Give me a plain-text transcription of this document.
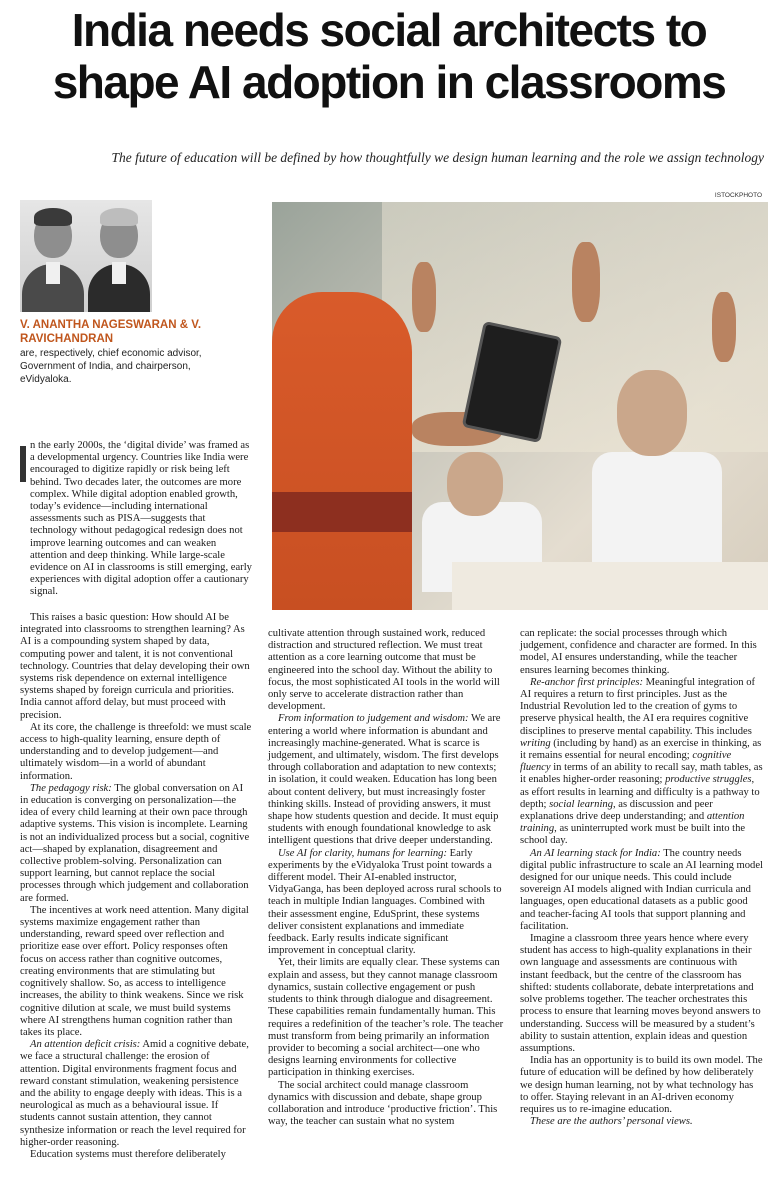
India needs social architects to shape AI adoption in classrooms
The future of education will be defined by how thoughtfully we design human learning and the role we assign technology
ISTOCKPHOTO
V. ANANTHA NAGESWARAN & V. RAVICHANDRAN
are, respectively, chief economic advisor, Government of India, and chairperson, eVidyaloka.

n the early 2000s, the ‘digital divide’ was framed as a developmental urgency. Countries like India were encouraged to digitize rapidly or risk being left behind. Two decades later, the outcomes are more complex. While digital adoption enabled growth, today’s evidence—including international assessments such as PISA—suggests that technology without pedagogical redesign does not improve learning outcomes and can weaken attention and deep thinking. While large-scale evidence on AI in classrooms is still emerging, early experiences with digital adoption offer a cautionary signal.

This raises a basic question: How should AI be integrated into classrooms to strengthen learning? As AI is a compounding system shaped by data, computing power and talent, it is not conventional technology. Countries that delay developing their own systems risk dependence on external intelligence systems shaped by foreign curricula and priorities. India cannot afford delay, but must proceed with precision.

At its core, the challenge is threefold: we must scale access to high-quality learning, ensure depth of understanding and to develop judgement—and ultimately wisdom—in a world of abundant information.

The pedagogy risk: The global conversation on AI in education is converging on personalization—the idea of every child learning at their own pace through adaptive systems. This vision is incomplete. Learning is not an individualized process but a social, cognitive act—shaped by explanation, disagreement and collective problem-solving. Personalization can support learning, but cannot replace the social processes through which judgement and collaboration are formed.

The incentives at work need attention. Many digital systems maximize engagement rather than understanding, reward speed over reflection and prioritize ease over effort. Policy responses often focus on access rather than cognitive outcomes, creating environments that are stimulating but cognitively shallow. So, as access to intelligence increases, the ability to think weakens. Since we risk cognitive dilution at scale, we must build systems where AI strengthens human cognition rather than takes its place.

An attention deficit crisis: Amid a cognitive debate, we face a structural challenge: the erosion of attention. Digital environments fragment focus and reward constant stimulation, weakening persistence and the ability to engage deeply with ideas. This is a neurological as much as a behavioural issue. If students cannot sustain attention, they cannot synthesize information or reach the level required for higher-order reasoning.

Education systems must therefore deliberately

cultivate attention through sustained work, reduced distraction and structured reflection. We must treat attention as a core learning outcome that must be engineered into the school day. Without the ability to focus, the most sophisticated AI tools in the world will only serve to accelerate distraction rather than development.

From information to judgement and wisdom: We are entering a world where information is abundant and increasingly machine-generated. What is scarce is judgement, and ultimately, wisdom. The first develops through collaboration and adaptation to new contexts; in isolation, it could weaken. Education has long been about content delivery, but must increasingly foster thinking skills. Instead of providing answers, it must shape how students question and decide. It must equip students with enough foundational knowledge to ask intelligent questions that drive deeper understanding.

Use AI for clarity, humans for learning: Early experiments by the eVidyaloka Trust point towards a different model. Their AI-enabled instructor, VidyaGanga, has been deployed across rural schools to teach in multiple Indian languages. Combined with their assessment engine, EduSprint, these systems deliver consistent explanations and immediate feedback. Early results indicate significant improvement in conceptual clarity.

Yet, their limits are equally clear. These systems can explain and assess, but they cannot manage classroom dynamics, sustain collective engagement or push students to think through dialogue and disagreement. These capabilities remain fundamentally human. This requires a redefinition of the teacher’s role. The teacher must transform from being primarily an information provider to becoming a social architect—one who designs learning environments for collective participation in thinking exercises.

The social architect could manage classroom dynamics with discussion and debate, shape group collaboration and introduce ‘productive friction’. This way, the teacher can sustain what no system

can replicate: the social processes through which judgement, confidence and character are formed. In this model, AI ensures understanding, while the teacher ensures learning becomes thinking.

Re-anchor first principles: Meaningful integration of AI requires a return to first principles. Just as the Industrial Revolution led to the creation of gyms to preserve physical health, the AI era requires cognitive disciplines to preserve mental capability. This includes writing (including by hand) as an exercise in thinking, as it remains essential for neural encoding; cognitive fluency in terms of an ability to recall say, math tables, as it enables higher-order reasoning; productive struggles, as effort results in learning and difficulty is a pathway to depth; social learning, as discussion and peer explanations drive deep understanding; and attention training, as uninterrupted work must be built into the school day.

An AI learning stack for India: The country needs digital public infrastructure to scale an AI learning model designed for our unique needs. This could include sovereign AI models aligned with Indian curricula and languages, open educational datasets as a public good and teacher-facing AI tools that support planning and facilitation.

Imagine a classroom three years hence where every student has access to high-quality explanations in their own language and assessments are continuous with instant feedback, but the centre of the classroom has shifted: students collaborate, debate interpretations and solve problems together. The teacher orchestrates this process to ensure that learning moves beyond answers to understanding. Success will be measured by a student’s ability to sustain attention, explain ideas and question assumptions.

India has an opportunity is to build its own model. The future of education will be defined by how deliberately we design human learning, not by what technology has to offer. Staying relevant in an AI-driven economy requires us to re-imagine education.

These are the authors’ personal views.
